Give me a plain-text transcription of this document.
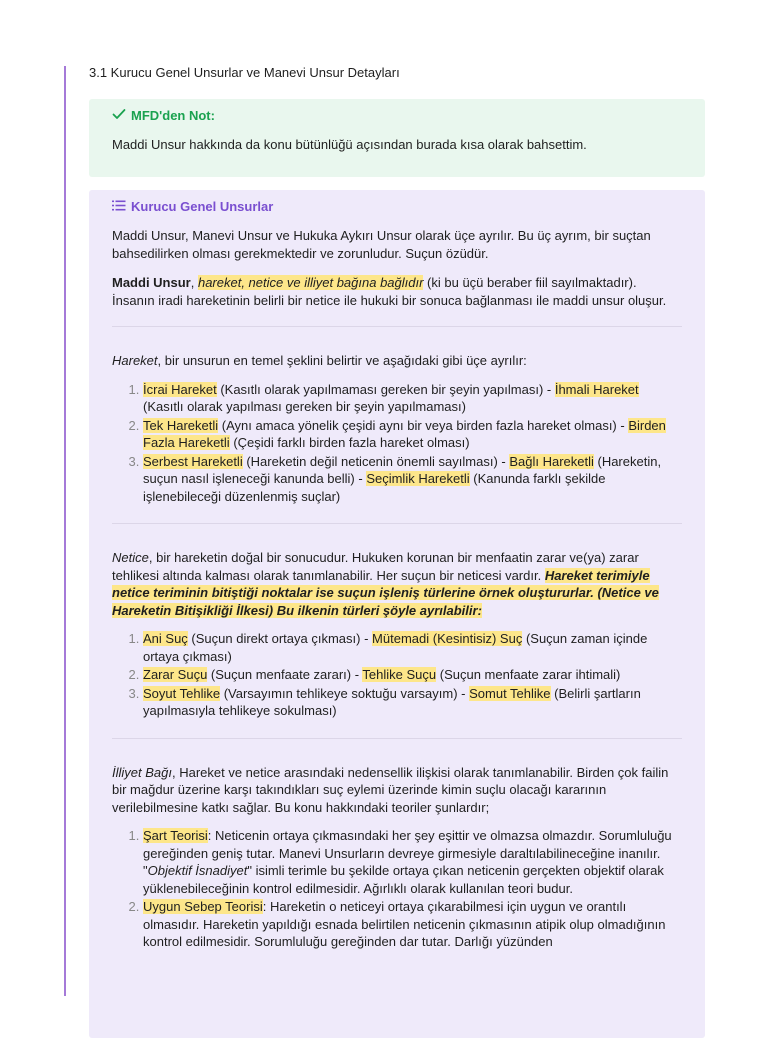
3.1 Kurucu Genel Unsurlar ve Manevi Unsur Detayları
MFD'den Not:
Maddi Unsur hakkında da konu bütünlüğü açısından burada kısa olarak bahsettim.
Kurucu Genel Unsurlar

Maddi Unsur, Manevi Unsur ve Hukuka Aykırı Unsur olarak üçe ayrılır. Bu üç ayrım, bir suçtan bahsedilirken olması gerekmektedir ve zorunludur. Suçun özüdür.

Maddi Unsur, hareket, netice ve illiyet bağına bağlıdır (ki bu üçü beraber fiil sayılmaktadır). İnsanın iradi hareketinin belirli bir netice ile hukuki bir sonuca bağlanması ile maddi unsur oluşur.

Hareket, bir unsurun en temel şeklini belirtir ve aşağıdaki gibi üçe ayrılır:

1. İcrai Hareket (Kasıtlı olarak yapılmaması gereken bir şeyin yapılması) - İhmali Hareket (Kasıtlı olarak yapılması gereken bir şeyin yapılmaması)
2. Tek Hareketli (Aynı amaca yönelik çeşidi aynı bir veya birden fazla hareket olması) - Birden Fazla Hareketli (Çeşidi farklı birden fazla hareket olması)
3. Serbest Hareketli (Hareketin değil neticenin önemli sayılması) - Bağlı Hareketli (Hareketin, suçun nasıl işleneceği kanunda belli) - Seçimlik Hareketli (Kanunda farklı şekilde işlenebileceği düzenlenmiş suçlar)

Netice, bir hareketin doğal bir sonucudur. Hukuken korunan bir menfaatin zarar ve(ya) zarar tehlikesi altında kalması olarak tanımlanabilir. Her suçun bir neticesi vardır. Hareket terimiyle netice teriminin bitiştiği noktalar ise suçun işleniş türlerine örnek oluştururlar. (Netice ve Hareketin Bitişikliği İlkesi) Bu ilkenin türleri şöyle ayrılabilir:

1. Ani Suç (Suçun direkt ortaya çıkması) - Mütemadi (Kesintisiz) Suç (Suçun zaman içinde ortaya çıkması)
2. Zarar Suçu (Suçun menfaate zararı) - Tehlike Suçu (Suçun menfaate zarar ihtimali)
3. Soyut Tehlike (Varsayımın tehlikeye soktuğu varsayım) - Somut Tehlike (Belirli şartların yapılmasıyla tehlikeye sokulması)

İlliyet Bağı, Hareket ve netice arasındaki nedensellik ilişkisi olarak tanımlanabilir. Birden çok failin bir mağdur üzerine karşı takındıkları suç eylemi üzerinde kimin suçlu olacağı kararının verilebilmesine katkı sağlar. Bu konu hakkındaki teoriler şunlardır;

1. Şart Teorisi: Neticenin ortaya çıkmasındaki her şey eşittir ve olmazsa olmazdır. Sorumluluğu gereğinden geniş tutar. Manevi Unsurların devreye girmesiyle daraltılabilineceğine inanılır. "Objektif İsnadiyet" isimli terimle bu şekilde ortaya çıkan neticenin gerçekten objektif olarak yüklenebileceğinin kontrol edilmesidir. Ağırlıklı olarak kullanılan teori budur.
2. Uygun Sebep Teorisi: Hareketin o neticeyi ortaya çıkarabilmesi için uygun ve orantılı olmasıdır. Hareketin yapıldığı esnada belirtilen neticenin çıkmasının atipik olup olmadığının kontrol edilmesidir. Sorumluluğu gereğinden dar tutar. Darlığı yüzünden
